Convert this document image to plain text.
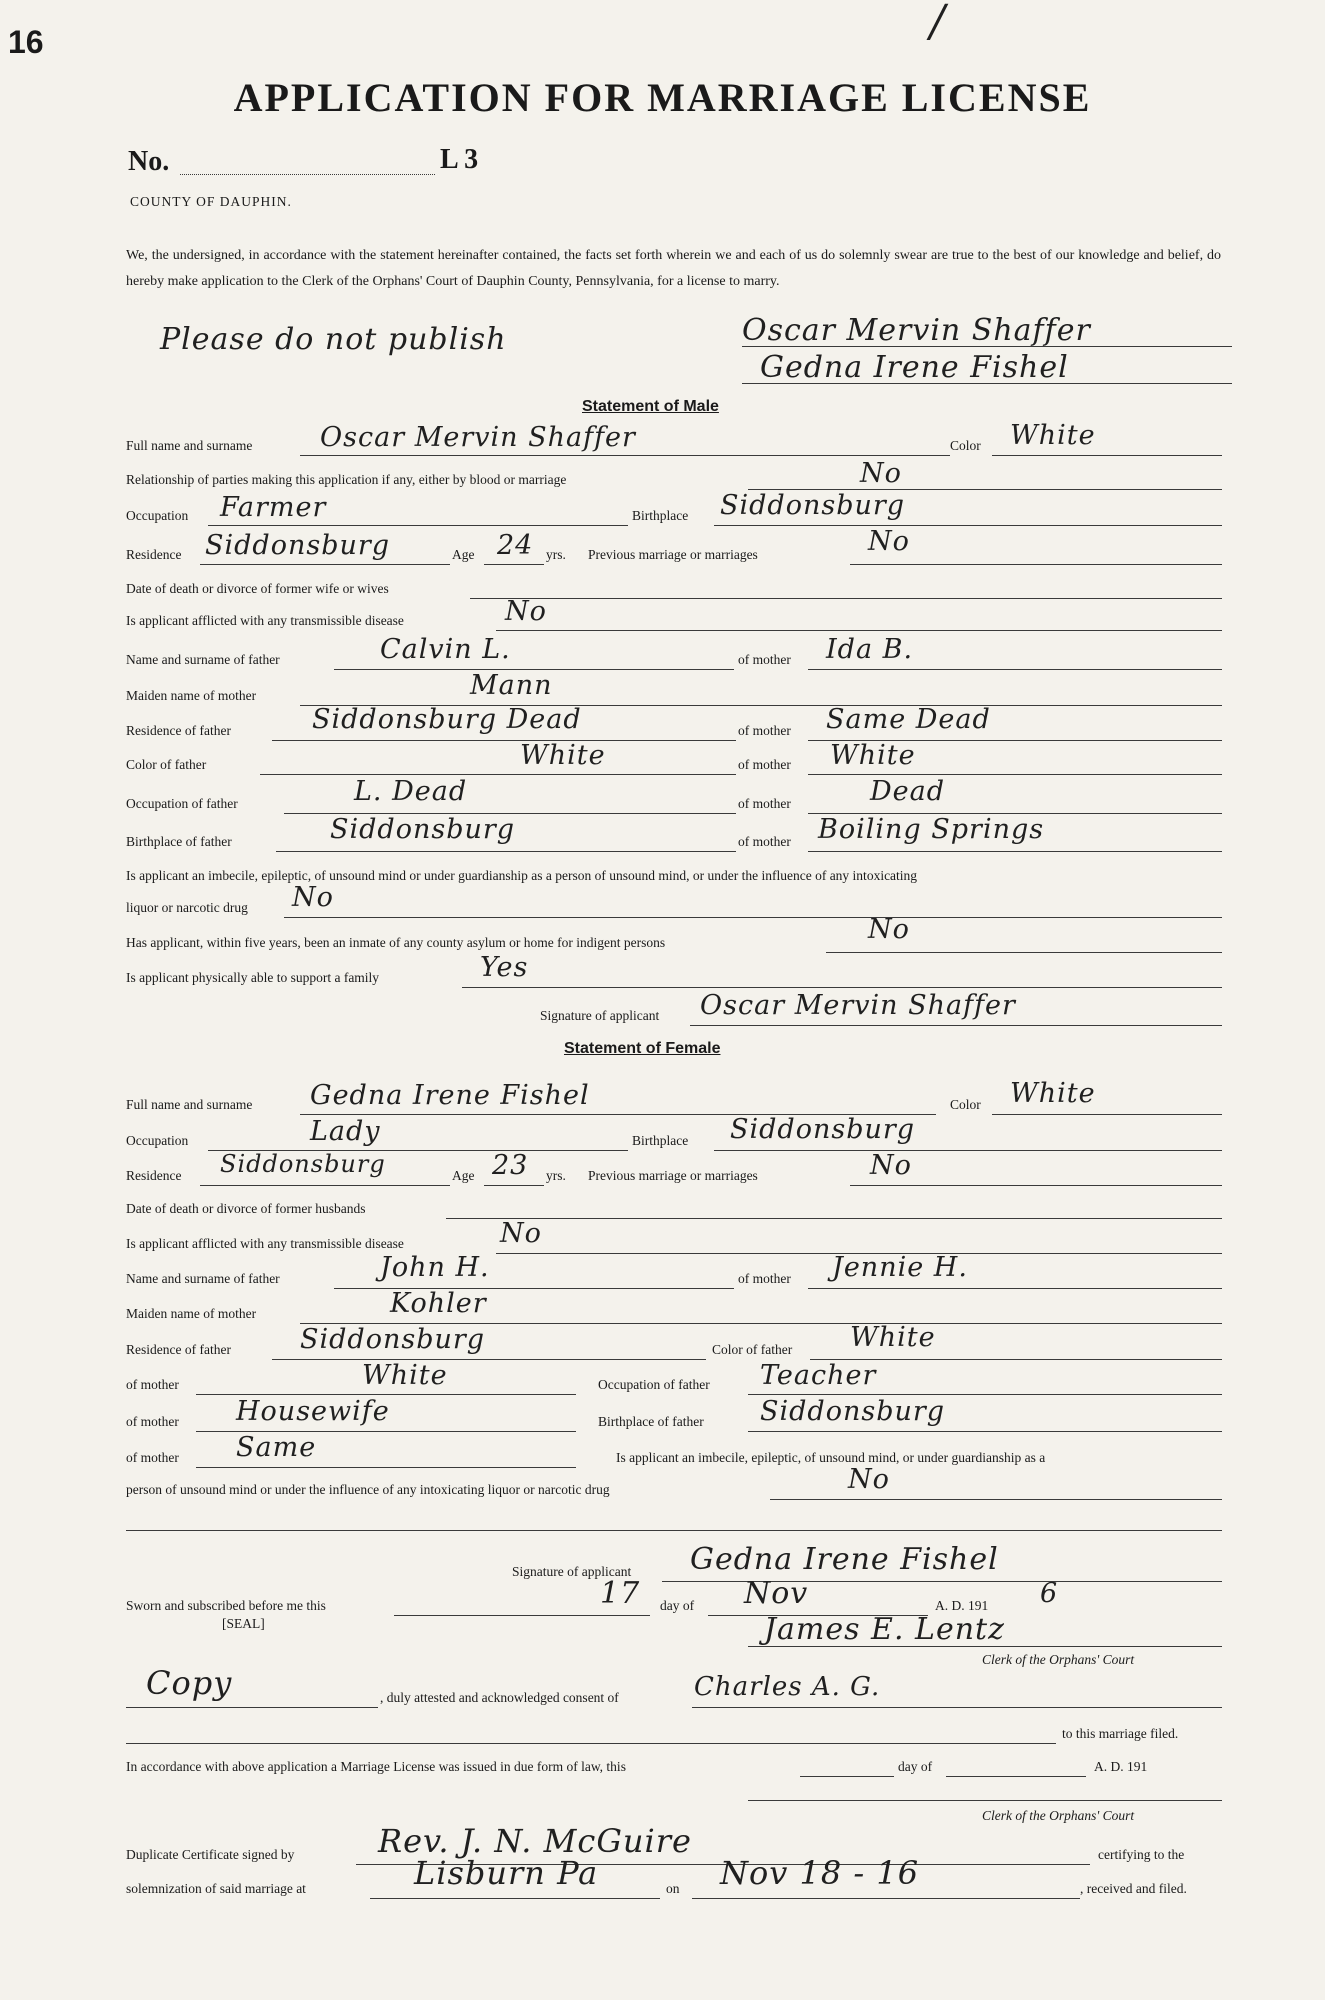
16	/
APPLICATION FOR MARRIAGE LICENSE
No.	L 3
COUNTY OF DAUPHIN.
We, the undersigned, in accordance with the statement hereinafter contained, the facts set forth wherein we and each of us do solemnly swear are true to the best of our knowledge and belief, do hereby make application to the Clerk of the Orphans' Court of Dauphin County, Pennsylvania, for a license to marry.
Please do not publish	Oscar Mervin Shaffer
Gedna Irene Fishel
Statement of Male
Full name and surname	Oscar Mervin Shaffer	Color White
Relationship of parties making this application if any, either by blood or marriage	No
Occupation Farmer	Birthplace Siddonsburg
Residence Siddonsburg	Age 24 yrs. Previous marriage or marriages	No
Date of death or divorce of former wife or wives
Is applicant afflicted with any transmissible disease	No
Name and surname of father	Calvin L.	of mother Ida B.
Maiden name of mother	Mann
Residence of father	Siddonsburg Dead	of mother Same Dead
Color of father	White	of mother White
Occupation of father	L. Dead	of mother	Dead
Birthplace of father	Siddonsburg	of mother Boiling Springs
Is applicant an imbecile, epileptic, of unsound mind or under guardianship as a person of unsound mind, or under the influence of any intoxicating
liquor or narcotic drug No
Has applicant, within five years, been an inmate of any county asylum or home for indigent persons	No
Is applicant physically able to support a family	Yes
Signature of applicant Oscar Mervin Shaffer
Statement of Female
Full name and surname Gedna Irene Fishel	Color White
Occupation	Lady	Birthplace Siddonsburg
Residence Siddonsburg	Age 23 yrs. Previous marriage or marriages	No
Date of death or divorce of former husbands
Is applicant afflicted with any transmissible disease	No
Name and surname of father	John H.	of mother Jennie H.
Maiden name of mother	Kohler
Residence of father	Siddonsburg	Color of father White
of mother	White	Occupation of father Teacher
of mother Housewife	Birthplace of father Siddonsburg
of mother Same	Is applicant an imbecile, epileptic, of unsound mind, or under guardianship as a
person of unsound mind or under the influence of any intoxicating liquor or narcotic drug	No
Signature of applicant Gedna Irene Fishel
Sworn and subscribed before me this	17 day of Nov	A. D. 191 6
[SEAL]	James E. Lentz
Clerk of the Orphans' Court
Copy	, duly attested and acknowledged consent of	Charles A. G.
to this marriage filed.
In accordance with above application a Marriage License was issued in due form of law, this	day of	A. D. 191
Clerk of the Orphans' Court
Duplicate Certificate signed by	Rev. J. N. McGuire	certifying to the
solemnization of said marriage at	Lisburn Pa	on Nov 18 - 16	, received and filed.
